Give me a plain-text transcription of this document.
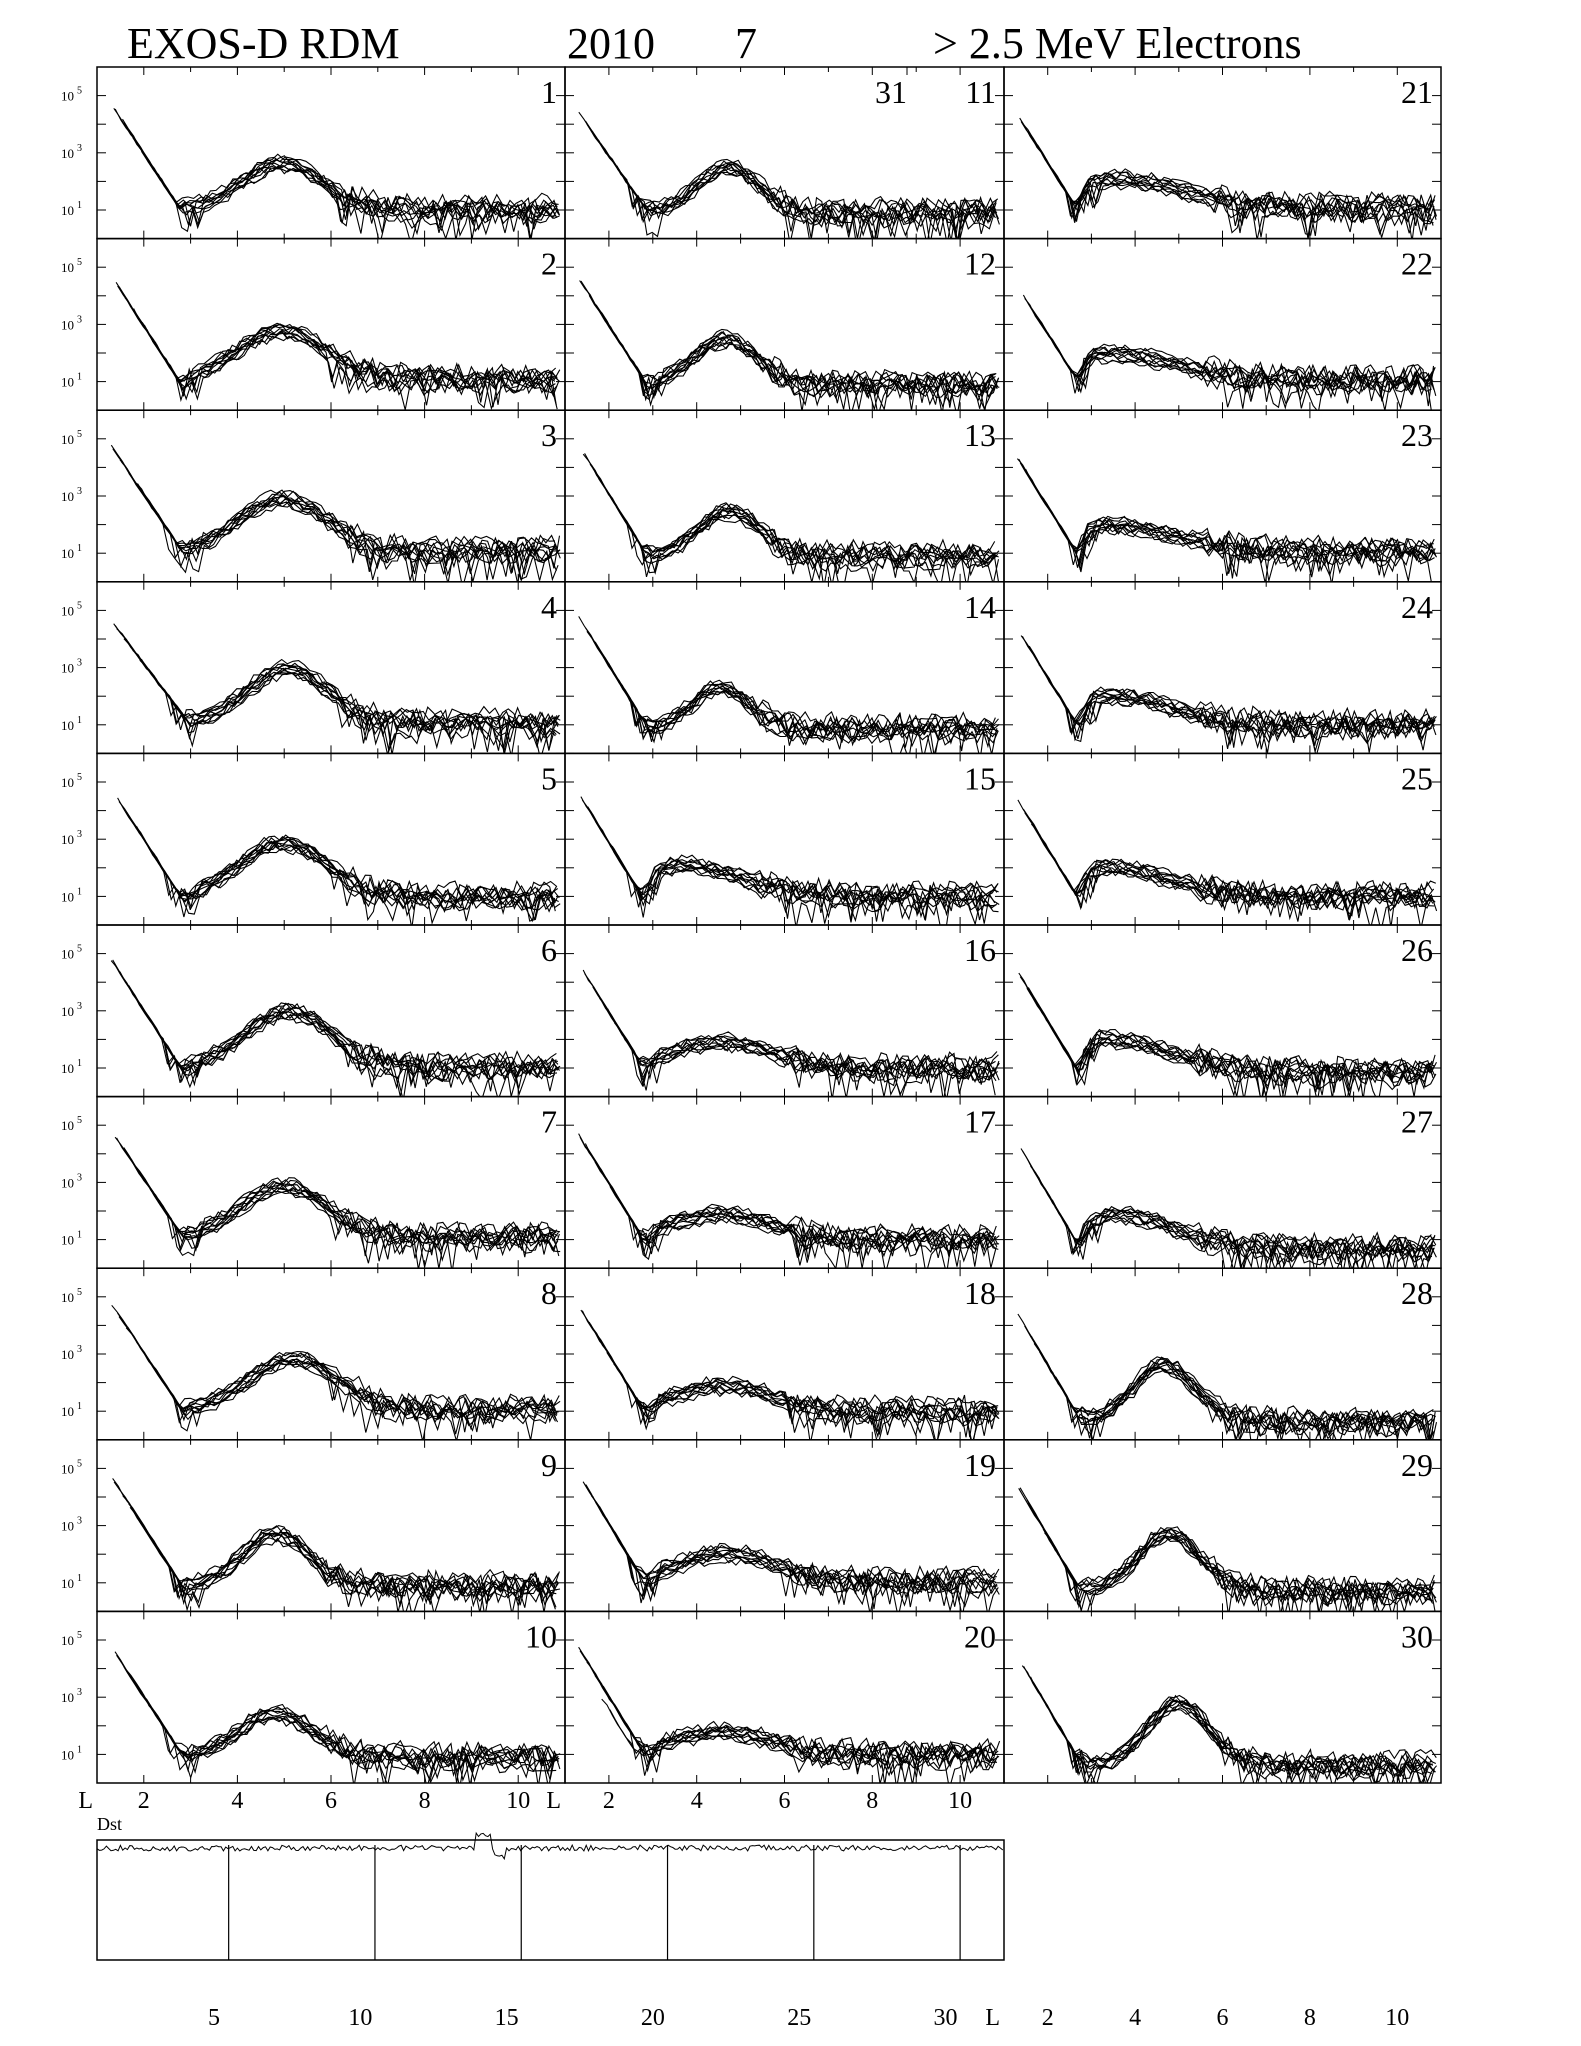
EXOS-D RDM	2010 7	> 2.5 MeV Electrons
10 5
10 3
10 1
1
10 5
10 3
10 1
2
10 5
10 3
10 1
3
10 5
10 3
10 1
4
10 5
10 3
10 1
5
10 5
10 3
10 1
6
10 5
10 3
10 1
7
10 5
10 3
10 1
8
10 5
10 3
10 1
9
10 5
10 3
10 1
10
11
12
13
14
15
16
17
18
19
20
21
22
23
24
25
26
27
28
29
30
31
L 2	4	6	8	10 L 2	4	6	8	10
L 2	4	6	8	10
Dst
5	10	15	20	25	30
